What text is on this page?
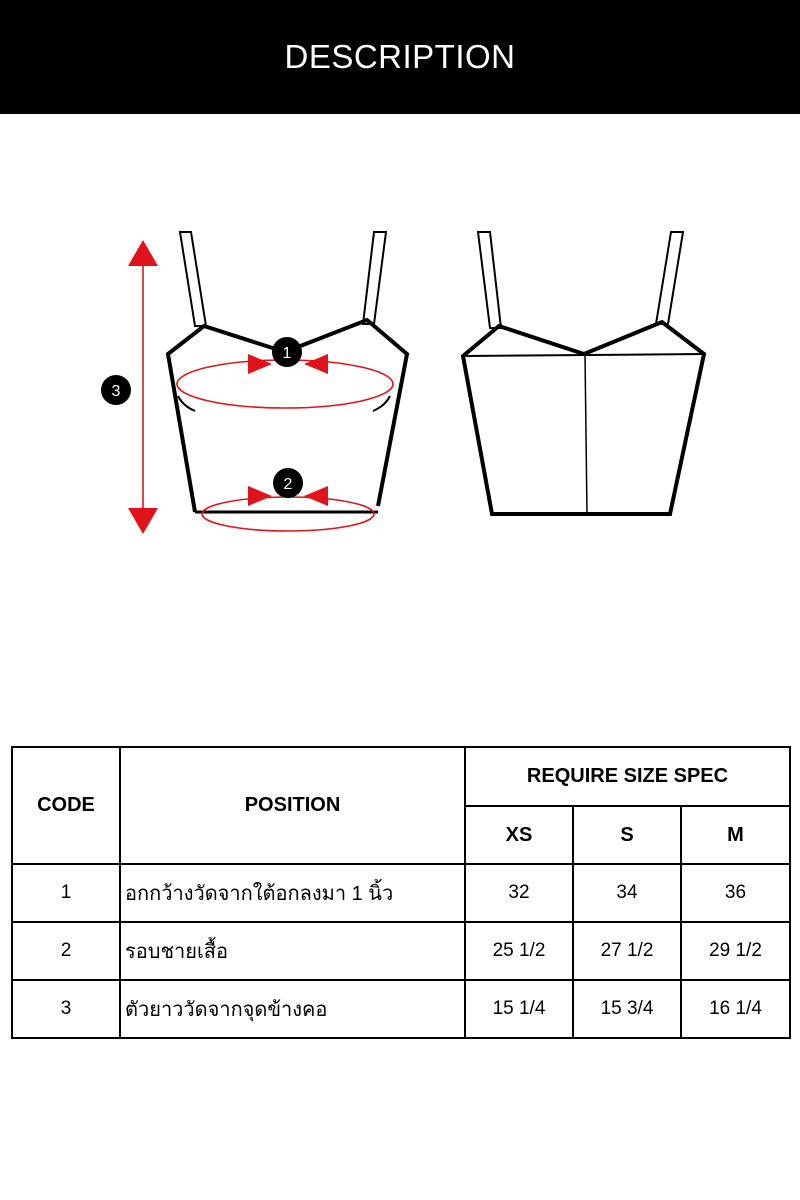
DESCRIPTION
1
2
3
CODE	POSITION	REQUIRE SIZE SPEC		
		XS	S	M
1	อกกว้างวัดจากใต้อกลงมา 1 นิ้ว	32	34	36
2	รอบชายเสื้อ	25 1/2	27 1/2	29 1/2
3	ตัวยาววัดจากจุดข้างคอ	15 1/4	15 3/4	16 1/4
